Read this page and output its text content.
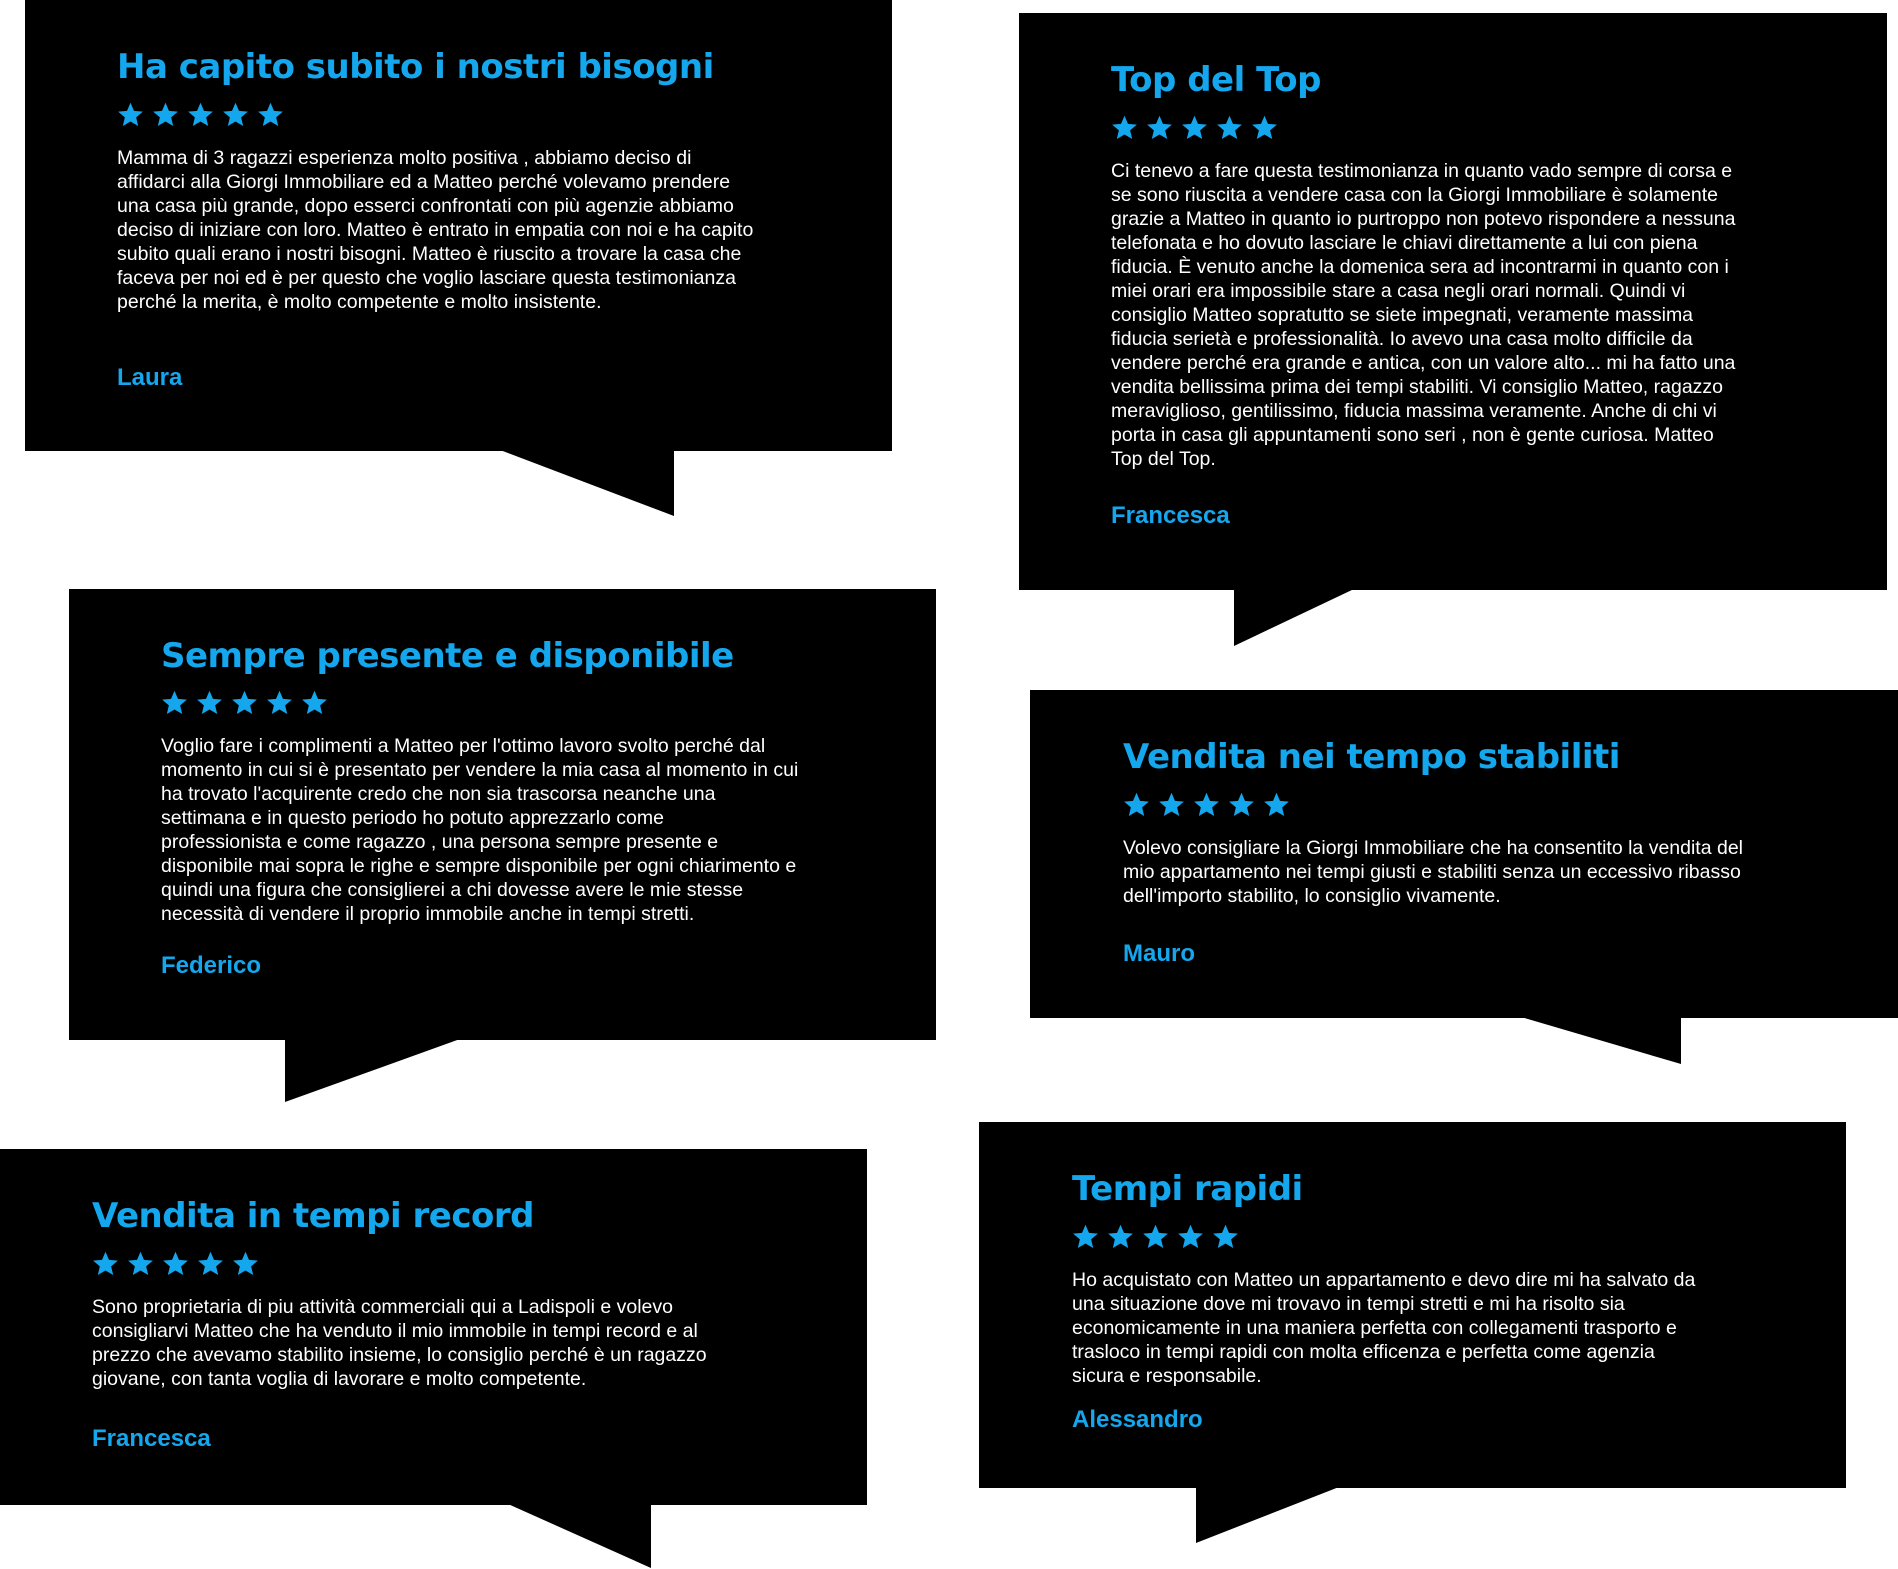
Ha capito subito i nostri bisogni

Mamma di 3 ragazzi esperienza molto positiva , abbiamo deciso di
affidarci alla Giorgi Immobiliare ed a Matteo perché volevamo prendere
una casa più grande, dopo esserci confrontati con più agenzie abbiamo
deciso di iniziare con loro. Matteo è entrato in empatia con noi e ha capito
subito quali erano i nostri bisogni. Matteo è riuscito a trovare la casa che
faceva per noi ed è per questo che voglio lasciare questa testimonianza
perché la merita, è molto competente e molto insistente.

Laura

Top del Top

Ci tenevo a fare questa testimonianza in quanto vado sempre di corsa e
se sono riuscita a vendere casa con la Giorgi Immobiliare è solamente
grazie a Matteo in quanto io purtroppo non potevo rispondere a nessuna
telefonata e ho dovuto lasciare le chiavi direttamente a lui con piena
fiducia. È venuto anche la domenica sera ad incontrarmi in quanto con i
miei orari era impossibile stare a casa negli orari normali. Quindi vi
consiglio Matteo sopratutto se siete impegnati, veramente massima
fiducia serietà e professionalità. Io avevo una casa molto difficile da
vendere perché era grande e antica, con un valore alto... mi ha fatto una
vendita bellissima prima dei tempi stabiliti. Vi consiglio Matteo, ragazzo
meraviglioso, gentilissimo, fiducia massima veramente. Anche di chi vi
porta in casa gli appuntamenti sono seri , non è gente curiosa. Matteo
Top del Top.

Francesca

Sempre presente e disponibile

Voglio fare i complimenti a Matteo per l'ottimo lavoro svolto perché dal
momento in cui si è presentato per vendere la mia casa al momento in cui
ha trovato l'acquirente credo che non sia trascorsa neanche una
settimana e in questo periodo ho potuto apprezzarlo come
professionista e come ragazzo , una persona sempre presente e
disponibile mai sopra le righe e sempre disponibile per ogni chiarimento e
quindi una figura che consiglierei a chi dovesse avere le mie stesse
necessità di vendere il proprio immobile anche in tempi stretti.

Federico

Vendita nei tempo stabiliti

Volevo consigliare la Giorgi Immobiliare che ha consentito la vendita del
mio appartamento nei tempi giusti e stabiliti senza un eccessivo ribasso
dell'importo stabilito, lo consiglio vivamente.

Mauro

Vendita in tempi record

Sono proprietaria di piu attività commerciali qui a Ladispoli e volevo
consigliarvi Matteo che ha venduto il mio immobile in tempi record e al
prezzo che avevamo stabilito insieme, lo consiglio perché è un ragazzo
giovane, con tanta voglia di lavorare e molto competente.

Francesca

Tempi rapidi

Ho acquistato con Matteo un appartamento e devo dire mi ha salvato da
una situazione dove mi trovavo in tempi stretti e mi ha risolto sia
economicamente in una maniera perfetta con collegamenti trasporto e
trasloco in tempi rapidi con molta efficenza e perfetta come agenzia
sicura e responsabile.

Alessandro
